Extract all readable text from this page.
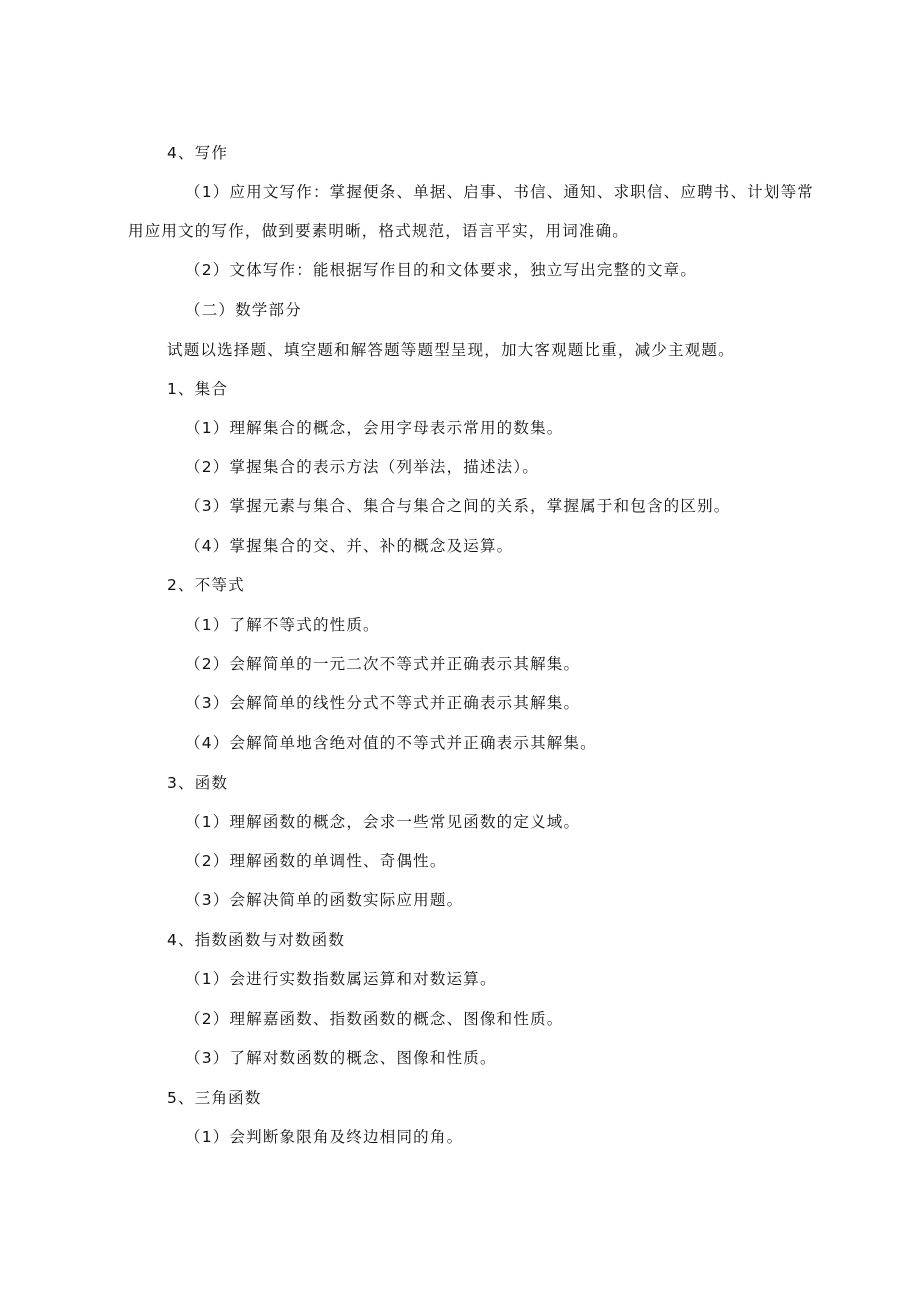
4、写作
（1）应用文写作：掌握便条、单据、启事、书信、通知、求职信、应聘书、计划等常
用应用文的写作，做到要素明晰，格式规范，语言平实，用词准确。
（2）文体写作：能根据写作目的和文体要求，独立写出完整的文章。
（二）数学部分
试题以选择题、填空题和解答题等题型呈现，加大客观题比重，减少主观题。
1、集合
（1）理解集合的概念，会用字母表示常用的数集。
（2）掌握集合的表示方法（列举法，描述法）。
（3）掌握元素与集合、集合与集合之间的关系，掌握属于和包含的区别。
（4）掌握集合的交、并、补的概念及运算。
2、不等式
（1）了解不等式的性质。
（2）会解简单的一元二次不等式并正确表示其解集。
（3）会解简单的线性分式不等式并正确表示其解集。
（4）会解简单地含绝对值的不等式并正确表示其解集。
3、函数
（1）理解函数的概念，会求一些常见函数的定义域。
（2）理解函数的单调性、奇偶性。
（3）会解决简单的函数实际应用题。
4、指数函数与对数函数
（1）会进行实数指数属运算和对数运算。
（2）理解嘉函数、指数函数的概念、图像和性质。
（3）了解对数函数的概念、图像和性质。
5、三角函数
（1）会判断象限角及终边相同的角。
